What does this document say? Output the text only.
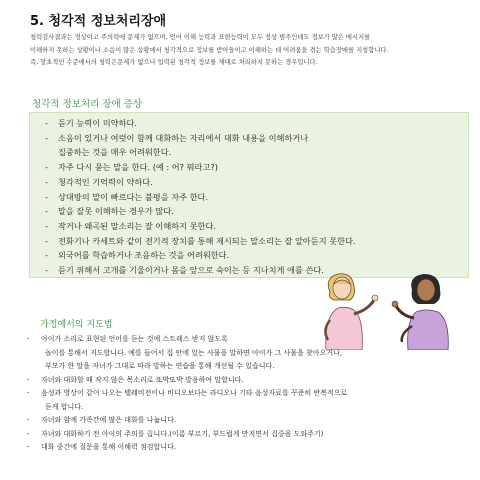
5. 청각적 정보처리장애
청력검사결과는 정상이고 주의력에 문제가 없으며, 언어 이해 능력과 표현능력이 모두 정상 범주인데도 정보가 많은 메시지를
이해하지 못하는 상황이나 소음이 많은 상황에서 청각적으로 정보를 받아들이고 이해하는 데 어려움을 겪는 학습장애를 지칭합니다.
즉, 말초적인 수준에서의 청력은문제가 없으나 입력된 청각적 정보를 제대로 처리하지 못하는 경우입니다.
청각적 정보처리 장애 증상
-	듣기 능력이 미약하다.
-	소음이 있거나 여럿이 함께 대화하는 자리에서 대화 내용을 이해하거나
집중하는 것을 매우 어려워한다.
-	자주 다시 묻는 말을 한다. (예 : 어? 뭐라고?)
-	청각적인 기억력이 약하다.
-	상대방의 말이 빠르다는 불평을 자주 한다.
-	말을 잘못 이해하는 경우가 많다.
-	작거나 왜곡된 말소리는 잘 이해하지 못한다.
-	전화기나 카세트와 같이 전기적 장치를 통해 제시되는 말소리는 잘 알아듣지 못한다.
-	외국어를 학습하거나 조음하는 것을 어려워한다.
-	듣기 위해서 고개를 기울이거나 몸을 앞으로 숙이는 등 지나치게 애를 쓴다.
가정에서의 지도법
-	아이가 소리로 표현된 언어를 듣는 것에 스트레스 받지 않도록
놀이를 통해서 지도합니다. 예를 들어서 집 안에 있는 사물을 말하면 아이가 그 사물을 찾아오거나,
부모가 한 말을 자녀가 그대로 따라 말하는 연습을 통해 개선될 수 있습니다.
-	자녀와 대화할 때 작지 않은 목소리로 또박또박 발음하여 말합니다.
-	음성과 영상이 같이 나오는 텔레비전이나 비디오보다는 라디오나 기타 음성자료를 꾸준히 반복적으로
듣게 합니다.
-	자녀와 함께 가족간에 많은 대화를 나눕니다.
-	자녀와 대화하기 전 아이의 주의를 끕니다.(이름 부르기, 부드럽게 만지면서 집중을 도와주기)
-	대화 중간에 질문을 통해 이해력 점검합니다.
